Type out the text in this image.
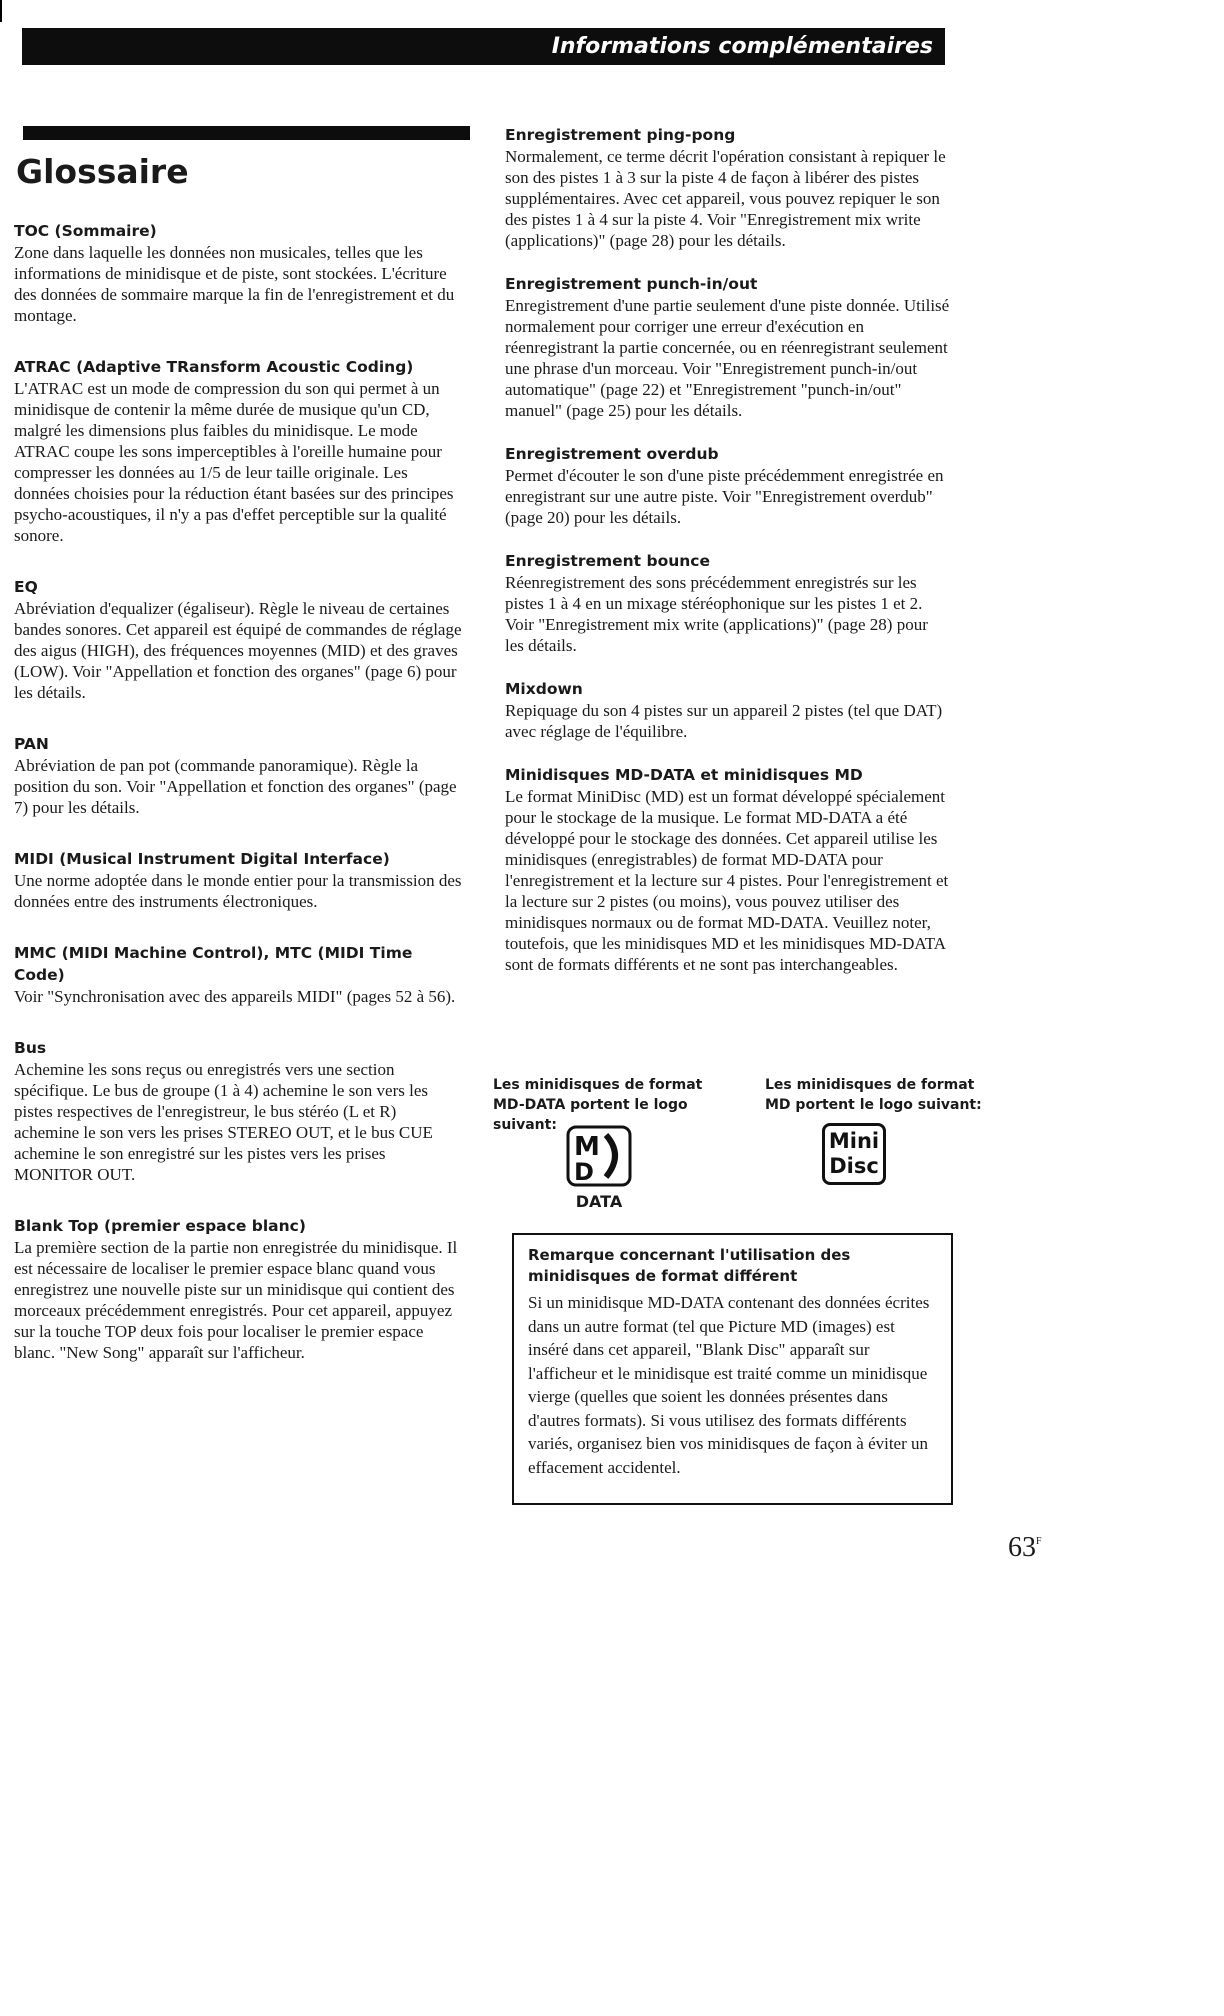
Informations complémentaires
Glossaire
TOC (Sommaire)
Zone dans laquelle les données non musicales, telles que les informations de minidisque et de piste, sont stockées. L'écriture des données de sommaire marque la fin de l'enregistrement et du montage.
ATRAC (Adaptive TRansform Acoustic Coding)
L'ATRAC est un mode de compression du son qui permet à un minidisque de contenir la même durée de musique qu'un CD, malgré les dimensions plus faibles du minidisque. Le mode ATRAC coupe les sons imperceptibles à l'oreille humaine pour compresser les données au 1/5 de leur taille originale. Les données choisies pour la réduction étant basées sur des principes psycho-acoustiques, il n'y a pas d'effet perceptible sur la qualité sonore.
EQ
Abréviation d'equalizer (égaliseur). Règle le niveau de certaines bandes sonores. Cet appareil est équipé de commandes de réglage des aigus (HIGH), des fréquences moyennes (MID) et des graves (LOW). Voir "Appellation et fonction des organes" (page 6) pour les détails.
PAN
Abréviation de pan pot (commande panoramique). Règle la position du son. Voir "Appellation et fonction des organes" (page 7) pour les détails.
MIDI (Musical Instrument Digital Interface)
Une norme adoptée dans le monde entier pour la transmission des données entre des instruments électroniques.
MMC (MIDI Machine Control), MTC (MIDI Time Code)
Voir "Synchronisation avec des appareils MIDI" (pages 52 à 56).
Bus
Achemine les sons reçus ou enregistrés vers une section spécifique. Le bus de groupe (1 à 4) achemine le son vers les pistes respectives de l'enregistreur, le bus stéréo (L et R) achemine le son vers les prises STEREO OUT, et le bus CUE achemine le son enregistré sur les pistes vers les prises MONITOR OUT.
Blank Top (premier espace blanc)
La première section de la partie non enregistrée du minidisque. Il est nécessaire de localiser le premier espace blanc quand vous enregistrez une nouvelle piste sur un minidisque qui contient des morceaux précédemment enregistrés. Pour cet appareil, appuyez sur la touche TOP deux fois pour localiser le premier espace blanc. "New Song" apparaît sur l'afficheur.
Enregistrement ping-pong
Normalement, ce terme décrit l'opération consistant à repiquer le son des pistes 1 à 3 sur la piste 4 de façon à libérer des pistes supplémentaires. Avec cet appareil, vous pouvez repiquer le son des pistes 1 à 4 sur la piste 4. Voir "Enregistrement mix write (applications)" (page 28) pour les détails.
Enregistrement punch-in/out
Enregistrement d'une partie seulement d'une piste donnée. Utilisé normalement pour corriger une erreur d'exécution en réenregistrant la partie concernée, ou en réenregistrant seulement une phrase d'un morceau. Voir "Enregistrement punch-in/out automatique" (page 22) et "Enregistrement "punch-in/out" manuel" (page 25) pour les détails.
Enregistrement overdub
Permet d'écouter le son d'une piste précédemment enregistrée en enregistrant sur une autre piste. Voir "Enregistrement overdub" (page 20) pour les détails.
Enregistrement bounce
Réenregistrement des sons précédemment enregistrés sur les pistes 1 à 4 en un mixage stéréophonique sur les pistes 1 et 2. Voir "Enregistrement mix write (applications)" (page 28) pour les détails.
Mixdown
Repiquage du son 4 pistes sur un appareil 2 pistes (tel que DAT) avec réglage de l'équilibre.
Minidisques MD-DATA et minidisques MD
Le format MiniDisc (MD) est un format développé spécialement pour le stockage de la musique. Le format MD-DATA a été développé pour le stockage des données. Cet appareil utilise les minidisques (enregistrables) de format MD-DATA pour l'enregistrement et la lecture sur 4 pistes. Pour l'enregistrement et la lecture sur 2 pistes (ou moins), vous pouvez utiliser des minidisques normaux ou de format MD-DATA. Veuillez noter, toutefois, que les minidisques MD et les minidisques MD-DATA sont de formats différents et ne sont pas interchangeables.
Les minidisques de format MD-DATA portent le logo suivant:
Les minidisques de format MD portent le logo suivant:
M
D
DATA
Mini
Disc
Remarque concernant l'utilisation des minidisques de format différent
Si un minidisque MD-DATA contenant des données écrites dans un autre format (tel que Picture MD (images) est inséré dans cet appareil, "Blank Disc" apparaît sur l'afficheur et le minidisque est traité comme un minidisque vierge (quelles que soient les données présentes dans d'autres formats). Si vous utilisez des formats différents variés, organisez bien vos minidisques de façon à éviter un effacement accidentel.
$63^F$
